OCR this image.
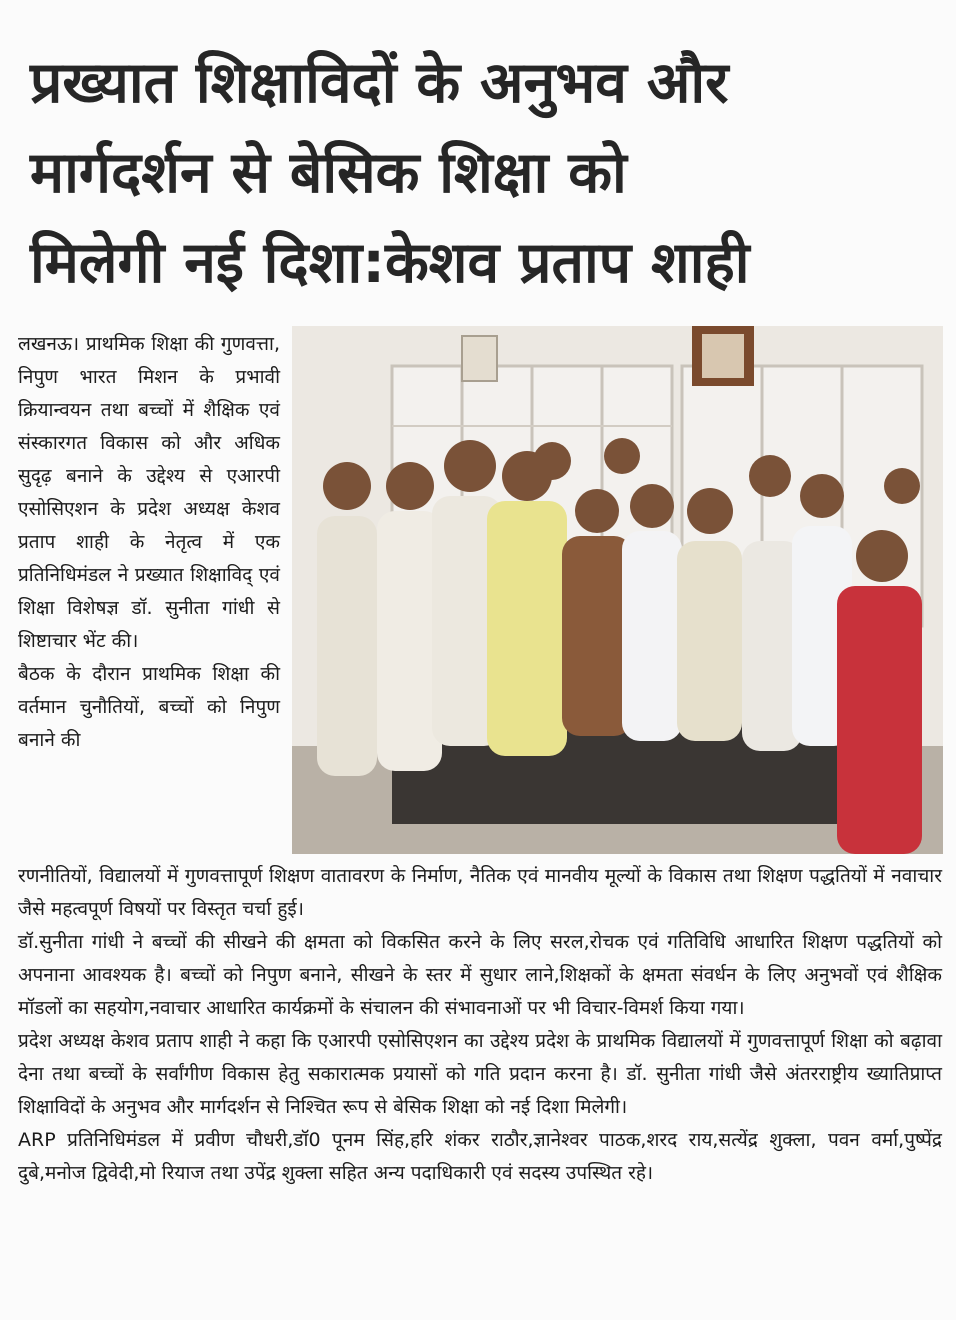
प्रख्यात शिक्षाविदों के अनुभव और
मार्गदर्शन से बेसिक शिक्षा को
मिलेगी नई दिशा:केशव प्रताप शाही

लखनऊ। प्राथमिक शिक्षा की गुणवत्ता, निपुण भारत मिशन के प्रभावी क्रियान्वयन तथा बच्चों में शैक्षिक एवं संस्कारगत विकास को और अधिक सुदृढ़ बनाने के उद्देश्य से एआरपी एसोसिएशन के प्रदेश अध्यक्ष केशव प्रताप शाही के नेतृत्व में एक प्रतिनिधिमंडल ने प्रख्यात शिक्षाविद् एवं शिक्षा विशेषज्ञ डॉ. सुनीता गांधी से शिष्टाचार भेंट की।

बैठक के दौरान प्राथमिक शिक्षा की वर्तमान चुनौतियों, बच्चों को निपुण बनाने की

रणनीतियों, विद्यालयों में गुणवत्तापूर्ण शिक्षण वातावरण के निर्माण, नैतिक एवं मानवीय मूल्यों के विकास तथा शिक्षण पद्धतियों में नवाचार जैसे महत्वपूर्ण विषयों पर विस्तृत चर्चा हुई।

डॉ.सुनीता गांधी ने बच्चों की सीखने की क्षमता को विकसित करने के लिए सरल,रोचक एवं गतिविधि आधारित शिक्षण पद्धतियों को अपनाना आवश्यक है। बच्चों को निपुण बनाने, सीखने के स्तर में सुधार लाने,शिक्षकों के क्षमता संवर्धन के लिए अनुभवों एवं शैक्षिक मॉडलों का सहयोग,नवाचार आधारित कार्यक्रमों के संचालन की संभावनाओं पर भी विचार-विमर्श किया गया।

प्रदेश अध्यक्ष केशव प्रताप शाही ने कहा कि एआरपी एसोसिएशन का उद्देश्य प्रदेश के प्राथमिक विद्यालयों में गुणवत्तापूर्ण शिक्षा को बढ़ावा देना तथा बच्चों के सर्वांगीण विकास हेतु सकारात्मक प्रयासों को गति प्रदान करना है। डॉ. सुनीता गांधी जैसे अंतरराष्ट्रीय ख्यातिप्राप्त शिक्षाविदों के अनुभव और मार्गदर्शन से निश्चित रूप से बेसिक शिक्षा को नई दिशा मिलेगी।

ARP प्रतिनिधिमंडल में प्रवीण चौधरी,डॉ0 पूनम सिंह,हरि शंकर राठौर,ज्ञानेश्वर पाठक,शरद राय,सत्येंद्र शुक्ला, पवन वर्मा,पुष्पेंद्र दुबे,मनोज द्विवेदी,मो रियाज तथा उपेंद्र शुक्ला सहित अन्य पदाधिकारी एवं सदस्य उपस्थित रहे।
